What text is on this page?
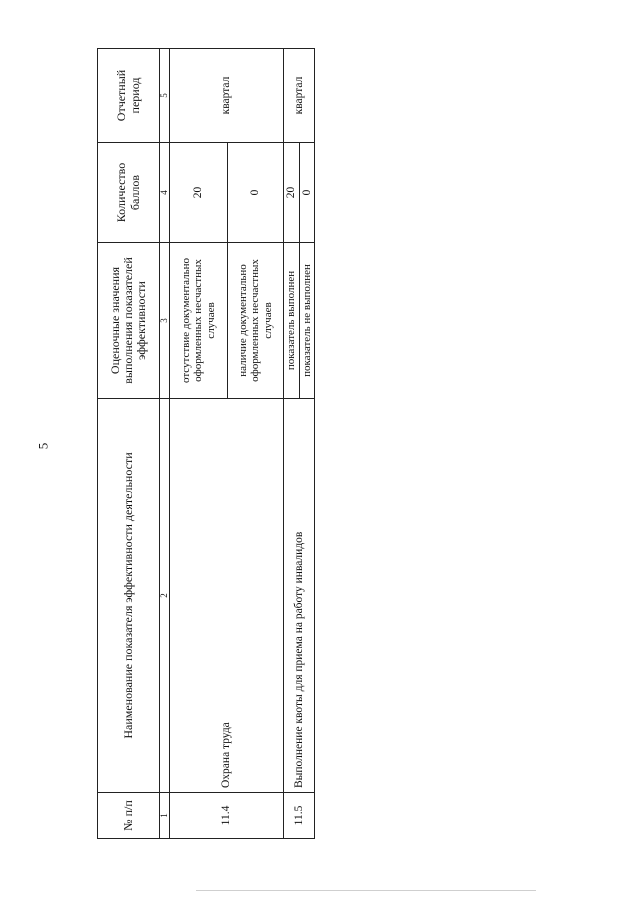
5
№ п/п	Наименование показателя эффективности деятельности	Оценочные значения выполнения показателей эффективности	Количество баллов	Отчетный период
1	2	3	4	5
11.4	Охрана труда	отсутствие документально оформленных несчастных случаев	20	квартал
		наличие документально оформленных несчастных случаев	0	
11.5	Выполнение квоты для приема на работу инвалидов	показатель выполнен	20	квартал
		показатель не выполнен	0	
